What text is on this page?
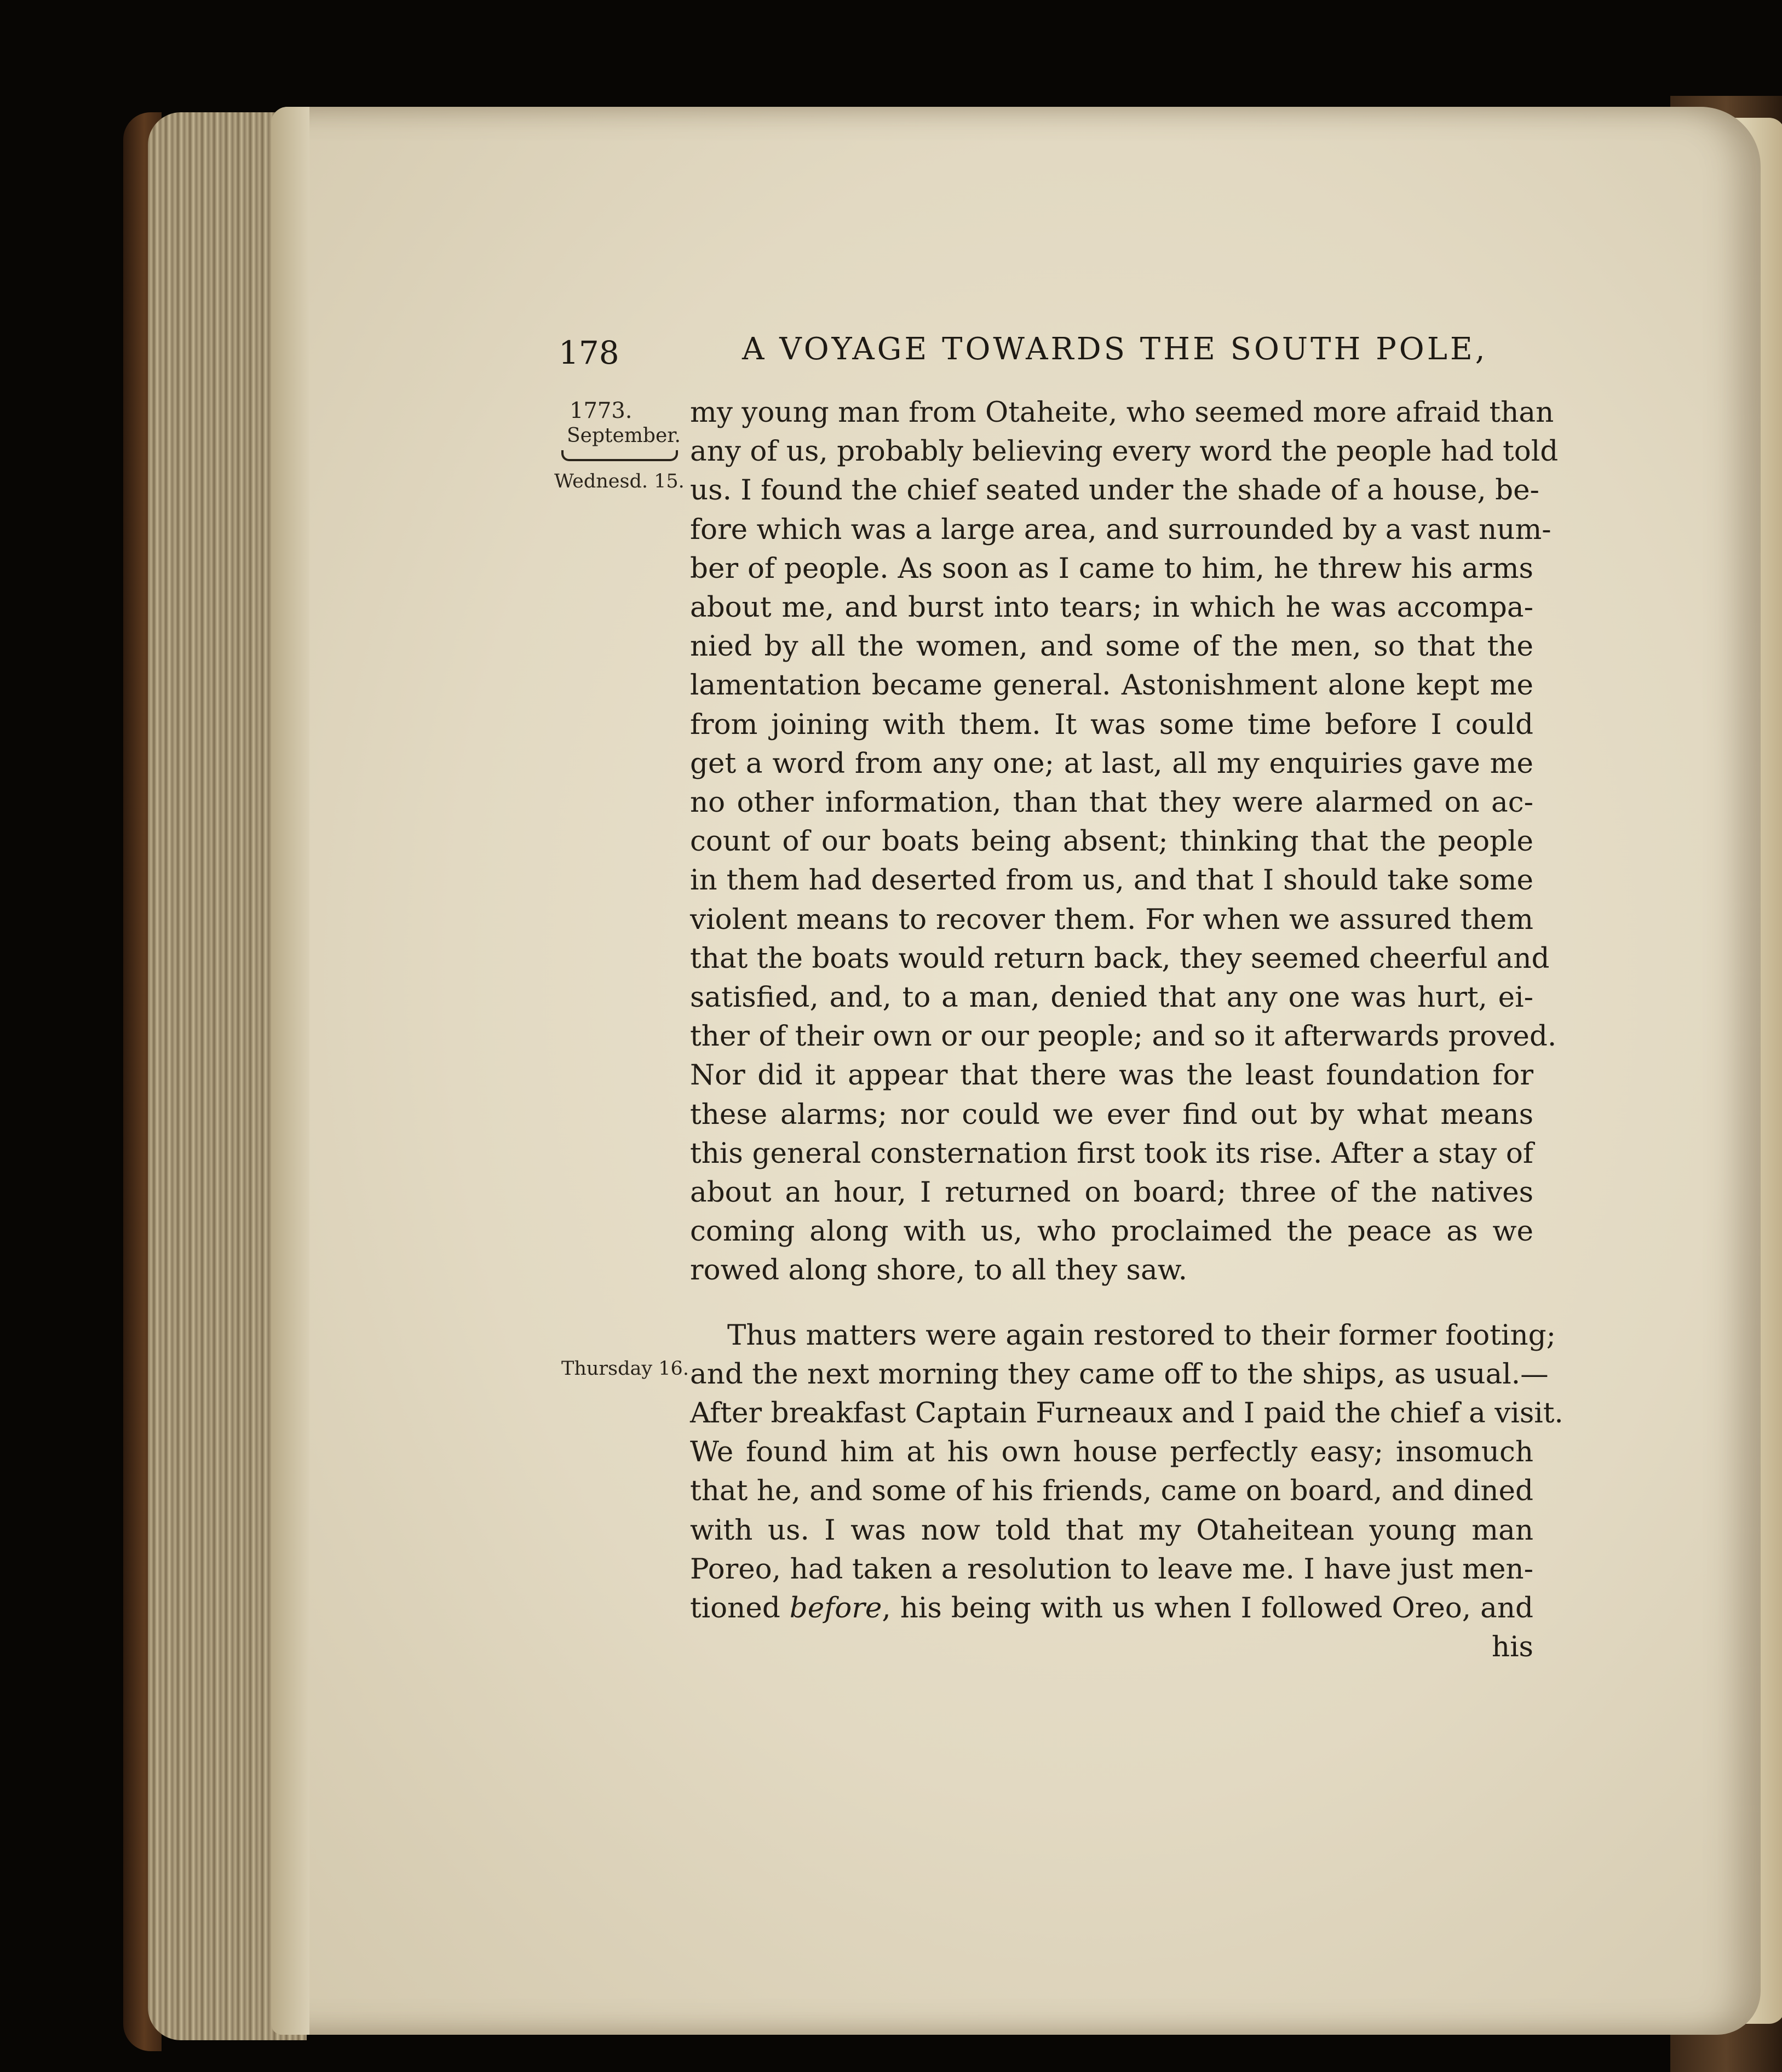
178	A VOYAGE TOWARDS THE SOUTH POLE,
1773.
September.
Wednesd. 15.
Thursday 16.
my young man from Otaheite, who seemed more afraid than
any of us, probably believing every word the people had told
us. I found the chief seated under the shade of a house, be-
fore which was a large area, and surrounded by a vast num-
ber of people. As soon as I came to him, he threw his arms
about me, and burst into tears; in which he was accompa-
nied by all the women, and some of the men, so that the
lamentation became general. Astonishment alone kept me
from joining with them. It was some time before I could
get a word from any one; at last, all my enquiries gave me
no other information, than that they were alarmed on ac-
count of our boats being absent; thinking that the people
in them had deserted from us, and that I should take some
violent means to recover them. For when we assured them
that the boats would return back, they seemed cheerful and
satisfied, and, to a man, denied that any one was hurt, ei-
ther of their own or our people; and so it afterwards proved.
Nor did it appear that there was the least foundation for
these alarms; nor could we ever find out by what means
this general consternation first took its rise. After a stay of
about an hour, I returned on board; three of the natives
coming along with us, who proclaimed the peace as we
rowed along shore, to all they saw.
Thus matters were again restored to their former footing;
and the next morning they came off to the ships, as usual.—
After breakfast Captain Furneaux and I paid the chief a visit.
We found him at his own house perfectly easy; insomuch
that he, and some of his friends, came on board, and dined
with us. I was now told that my Otaheitean young man
Poreo, had taken a resolution to leave me. I have just men-
tioned before, his being with us when I followed Oreo, and
his
